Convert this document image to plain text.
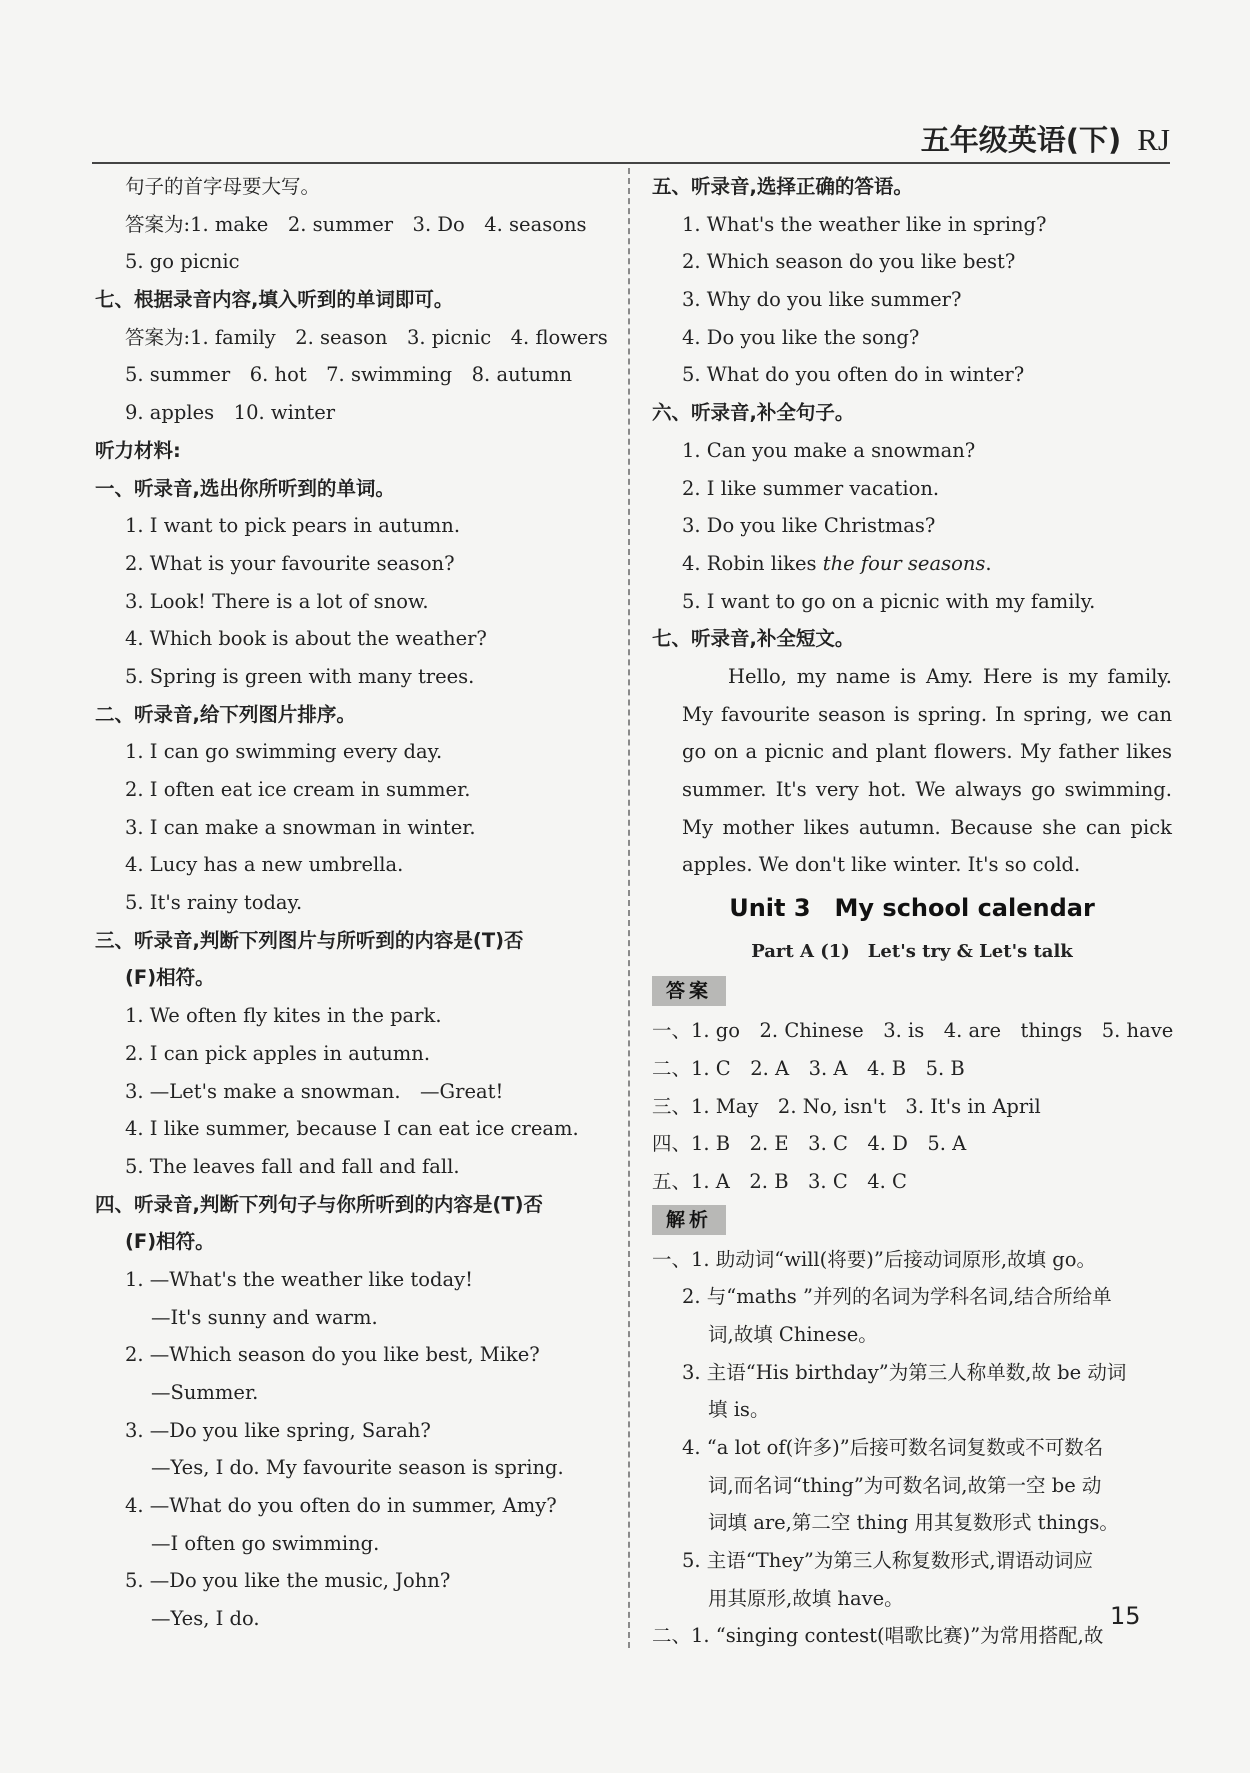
五年级英语(下) RJ
句子的首字母要大写。
答案为:1. make　2. summer　3. Do　4. seasons
5. go picnic
七、根据录音内容,填入听到的单词即可。
答案为:1. family　2. season　3. picnic　4. flowers
5. summer　6. hot　7. swimming　8. autumn
9. apples　10. winter
听力材料:
一、听录音,选出你所听到的单词。
1. I want to pick pears in autumn.
2. What is your favourite season?
3. Look! There is a lot of snow.
4. Which book is about the weather?
5. Spring is green with many trees.
二、听录音,给下列图片排序。
1. I can go swimming every day.
2. I often eat ice cream in summer.
3. I can make a snowman in winter.
4. Lucy has a new umbrella.
5. It's rainy today.
三、听录音,判断下列图片与所听到的内容是(T)否
(F)相符。
1. We often fly kites in the park.
2. I can pick apples in autumn.
3. —Let's make a snowman.　—Great!
4. I like summer, because I can eat ice cream.
5. The leaves fall and fall and fall.
四、听录音,判断下列句子与你所听到的内容是(T)否
(F)相符。
1. —What's the weather like today!
—It's sunny and warm.
2. —Which season do you like best, Mike?
—Summer.
3. —Do you like spring, Sarah?
—Yes, I do. My favourite season is spring.
4. —What do you often do in summer, Amy?
—I often go swimming.
5. —Do you like the music, John?
—Yes, I do.
五、听录音,选择正确的答语。
1. What's the weather like in spring?
2. Which season do you like best?
3. Why do you like summer?
4. Do you like the song?
5. What do you often do in winter?
六、听录音,补全句子。
1. Can you make a snowman?
2. I like summer vacation.
3. Do you like Christmas?
4. Robin likes the four seasons.
5. I want to go on a picnic with my family.
七、听录音,补全短文。
Hello, my name is Amy. Here is my family. My favourite season is spring. In spring, we can go on a picnic and plant flowers. My father likes summer. It's very hot. We always go swimming. My mother likes autumn. Because she can pick apples. We don't like winter. It's so cold.
Unit 3　My school calendar
Part A (1)　Let's try & Let's talk
答案
一、1. go　2. Chinese　3. is　4. are　things　5. have
二、1. C　2. A　3. A　4. B　5. B
三、1. May　2. No, isn't　3. It's in April
四、1. B　2. E　3. C　4. D　5. A
五、1. A　2. B　3. C　4. C
解析
一、1. 助动词“will(将要)”后接动词原形,故填 go。
2. 与“maths ”并列的名词为学科名词,结合所给单
词,故填 Chinese。
3. 主语“His birthday”为第三人称单数,故 be 动词
填 is。
4. “a lot of(许多)”后接可数名词复数或不可数名
词,而名词“thing”为可数名词,故第一空 be 动
词填 are,第二空 thing 用其复数形式 things。
5. 主语“They”为第三人称复数形式,谓语动词应
用其原形,故填 have。
二、1. “singing contest(唱歌比赛)”为常用搭配,故
15
